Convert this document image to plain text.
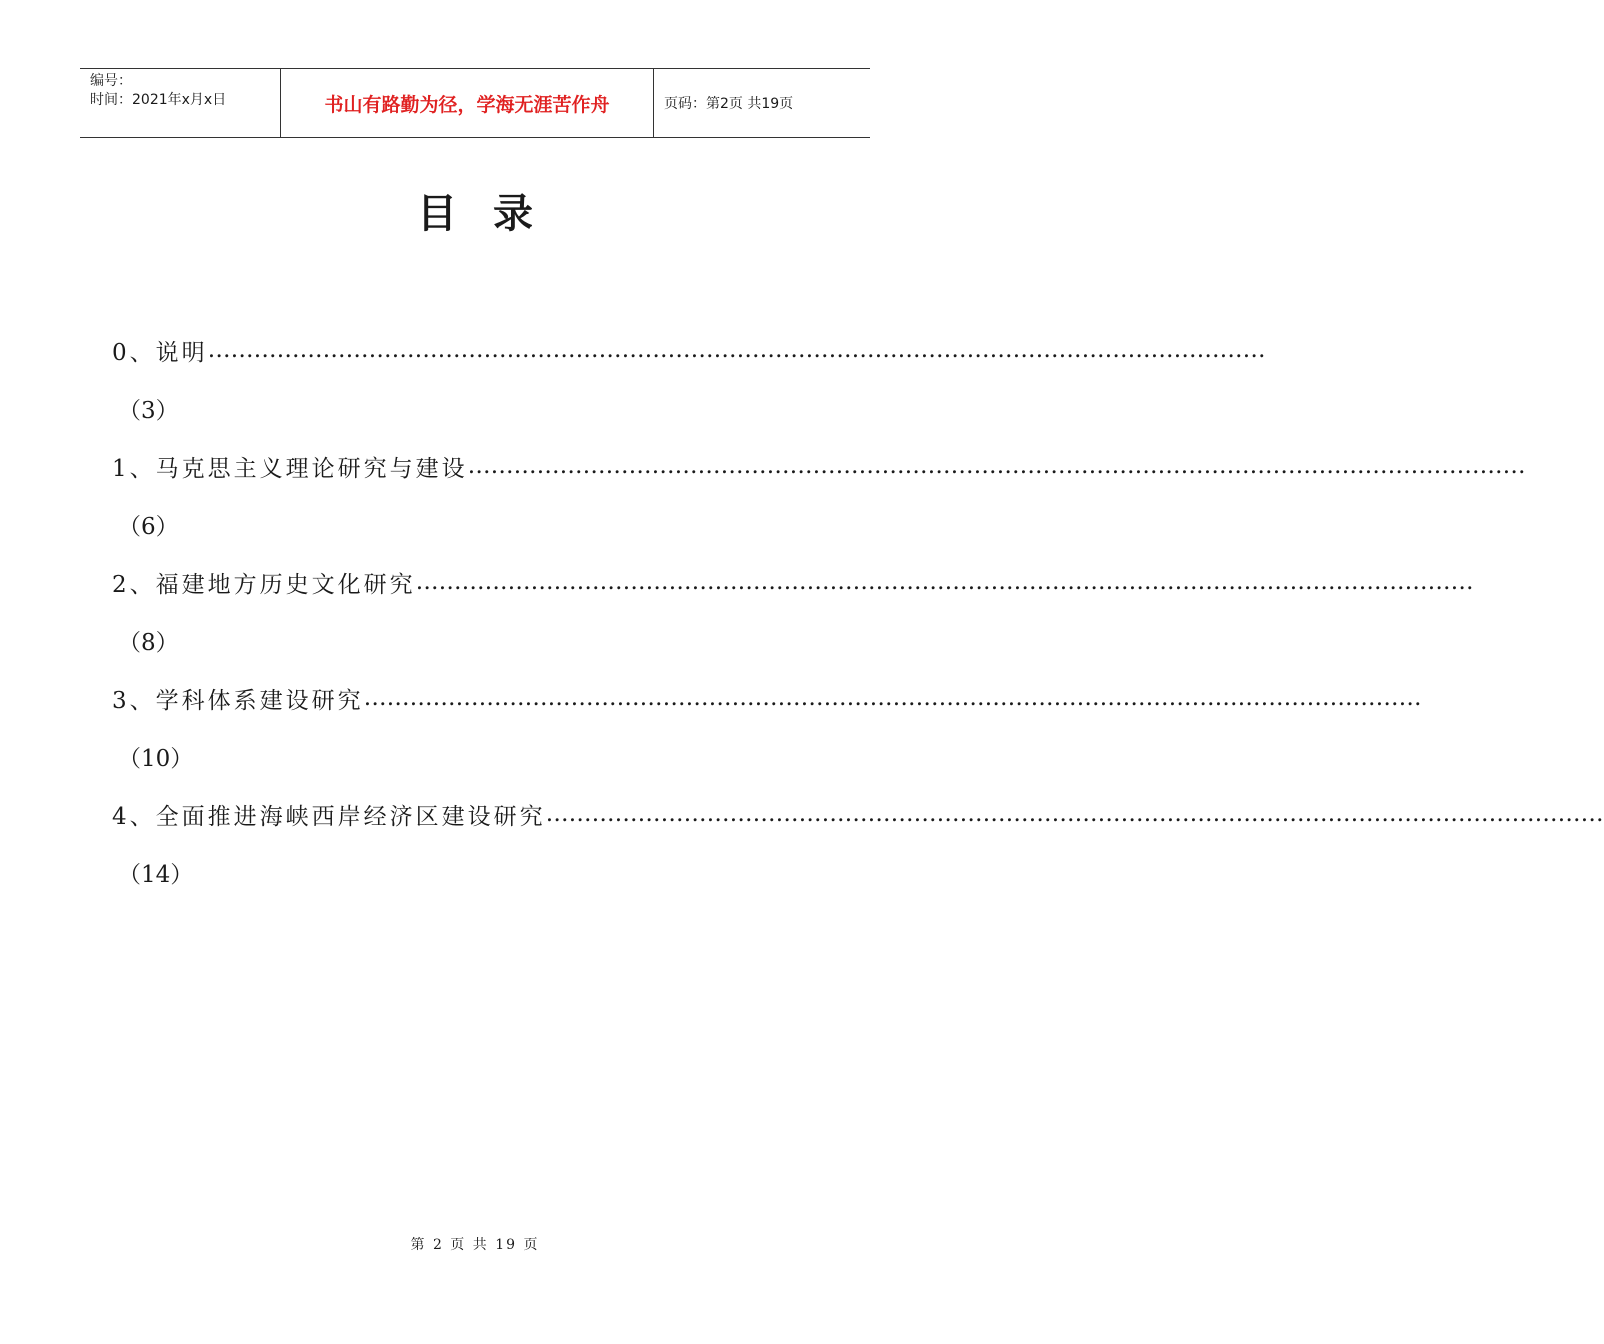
编号：
时间：2021年x月x日	书山有路勤为径，学海无涯苦作舟	页码：第2页 共19页
目录
0、说明 …………………………………………………………………………………………………………………………
（3）
1、马克思主义理论研究与建设 …………………………………………………………………………………………………………………………
（6）
2、福建地方历史文化研究 …………………………………………………………………………………………………………………………
（8）
3、学科体系建设研究 …………………………………………………………………………………………………………………………
（10）
4、全面推进海峡西岸经济区建设研究 …………………………………………………………………………………………………………………………
（14）
第 2 页 共 19 页
